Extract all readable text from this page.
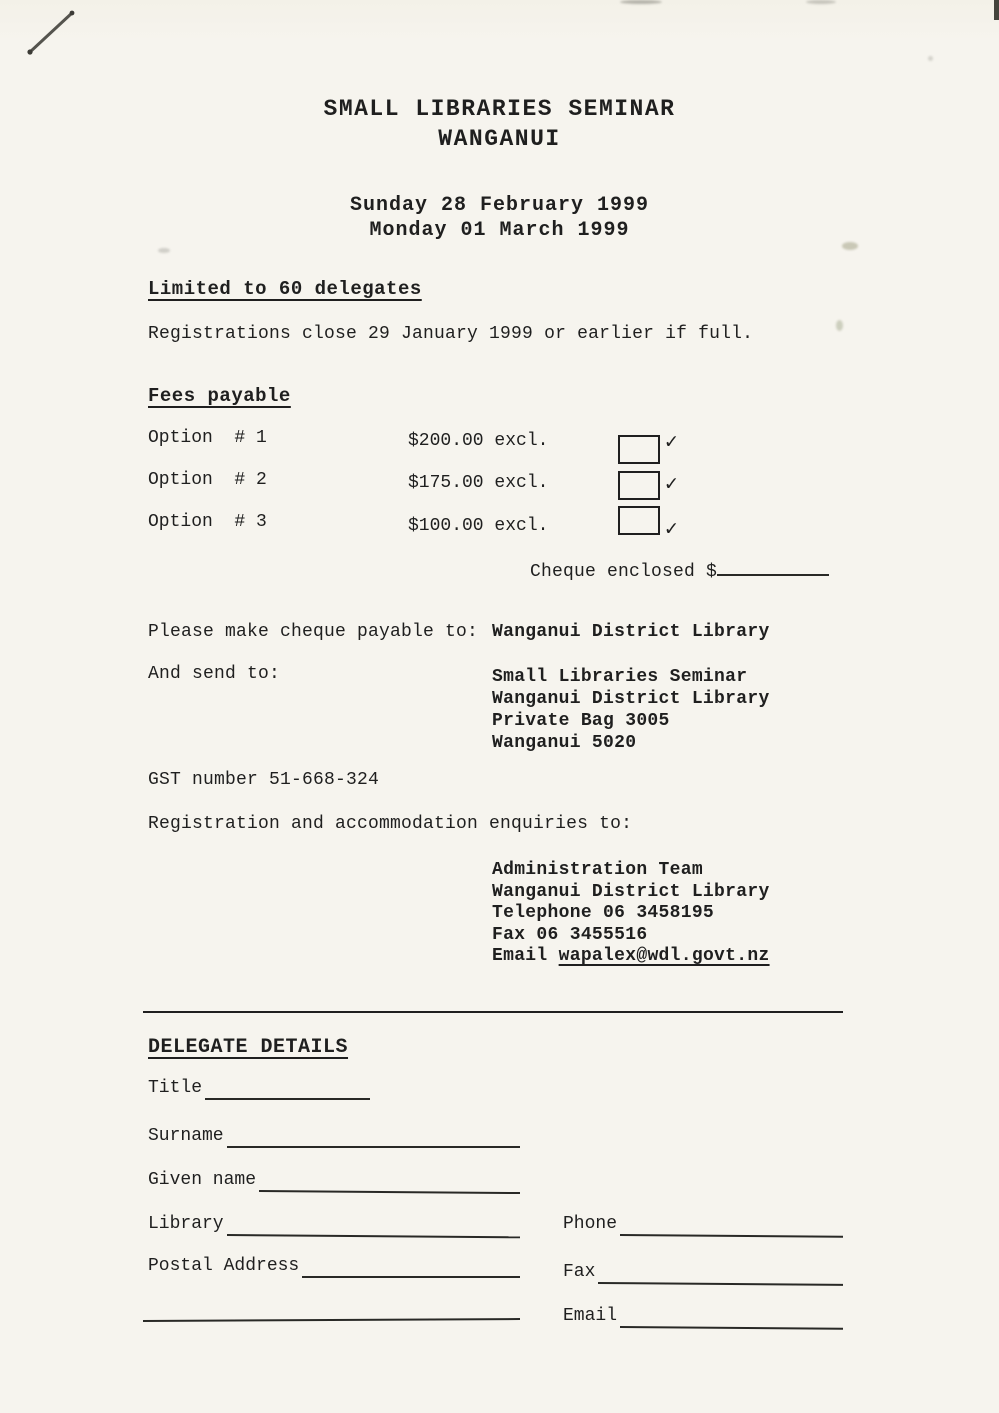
SMALL LIBRARIES SEMINAR
WANGANUI
Sunday 28 February 1999
Monday 01 March 1999
Limited to 60 delegates
Registrations close 29 January 1999 or earlier if full.
Fees payable
Option  # 1	$200.00 excl.	✓
Option  # 2	$175.00 excl.	✓
Option  # 3	$100.00 excl.	✓
Cheque enclosed $
Please make cheque payable to: Wanganui District Library
And send to:	Small Libraries Seminar
Wanganui District Library
Private Bag 3005
Wanganui 5020
GST number 51-668-324
Registration and accommodation enquiries to:
Administration Team
Wanganui District Library
Telephone 06 3458195
Fax 06 3455516
Email wapalex@wdl.govt.nz
DELEGATE DETAILS
Title
Surname
Given name
Library	Phone
Postal Address	Fax
Email
